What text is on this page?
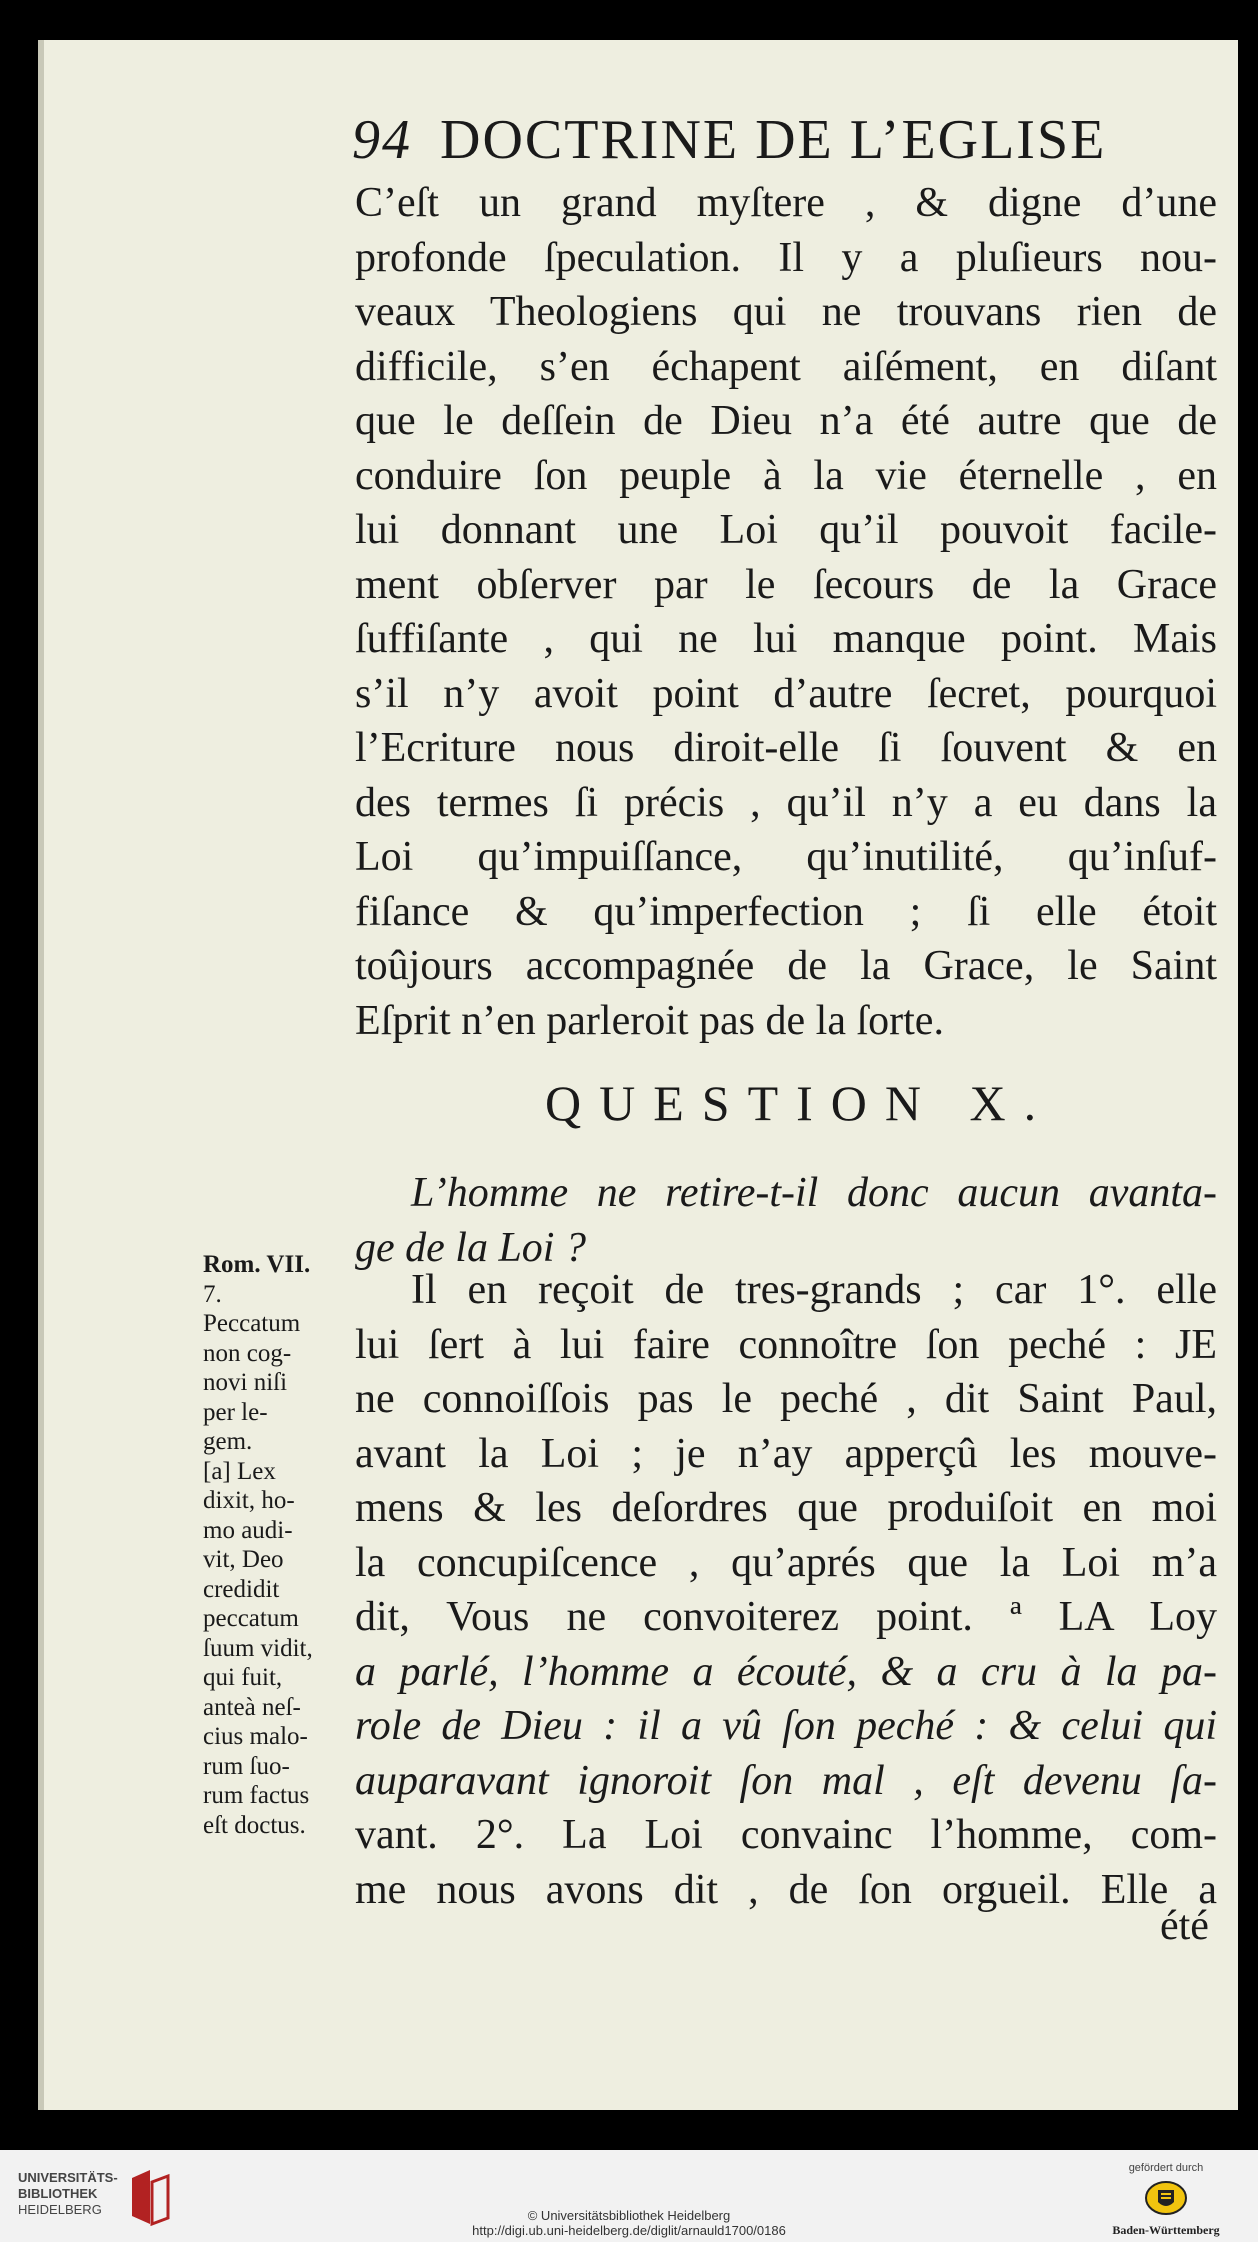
94 DOCTRINE DE L’EGLISE
C’eſt un grand myſtere , & digne d’une
profonde ſpeculation. Il y a pluſieurs nou-
veaux Theologiens qui ne trouvans rien de
difficile, s’en échapent aiſément, en diſant
que le deſſein de Dieu n’a été autre que de
conduire ſon peuple à la vie éternelle , en
lui donnant une Loi qu’il pouvoit facile-
ment obſerver par le ſecours de la Grace
ſuffiſante , qui ne lui manque point. Mais
s’il n’y avoit point d’autre ſecret, pourquoi
l’Ecriture nous diroit-elle ſi ſouvent & en
des termes ſi précis , qu’il n’y a eu dans la
Loi qu’impuiſſance, qu’inutilité, qu’inſuf-
fiſance & qu’imperfection ; ſi elle étoit
toûjours accompagnée de la Grace, le Saint
Eſprit n’en parleroit pas de la ſorte.
QUESTION X.
L’homme ne retire-t-il donc aucun avanta-
ge de la Loi ?
Il en reçoit de tres-grands ; car 1°. elle
lui ſert à lui faire connoître ſon peché : JE
ne connoiſſois pas le peché , dit Saint Paul,
avant la Loi ; je n’ay apperçû les mouve-
mens & les deſordres que produiſoit en moi
la concupiſcence , qu’aprés que la Loi m’a
dit, Vous ne convoiterez point. ª LA Loy
a parlé, l’homme a écouté, & a cru à la pa-
role de Dieu : il a vû ſon peché : & celui qui
auparavant ignoroit ſon mal , eſt devenu ſa-
vant. 2°. La Loi convainc l’homme, com-
me nous avons dit , de ſon orgueil. Elle a
été
Rom. VII.
7.
Peccatum
non cog-
novi niſi
per le-
gem.
[a] Lex
dixit, ho-
mo audi-
vit, Deo
credidit
peccatum
ſuum vidit,
qui fuit,
anteà neſ-
cius malo-
rum ſuo-
rum factus
eſt doctus.
UNIVERSITÄTS-
BIBLIOTHEK
HEIDELBERG	© Universitätsbibliothek Heidelberg
http://digi.ub.uni-heidelberg.de/diglit/arnauld1700/0186
gefördert durch
Baden-Württemberg
